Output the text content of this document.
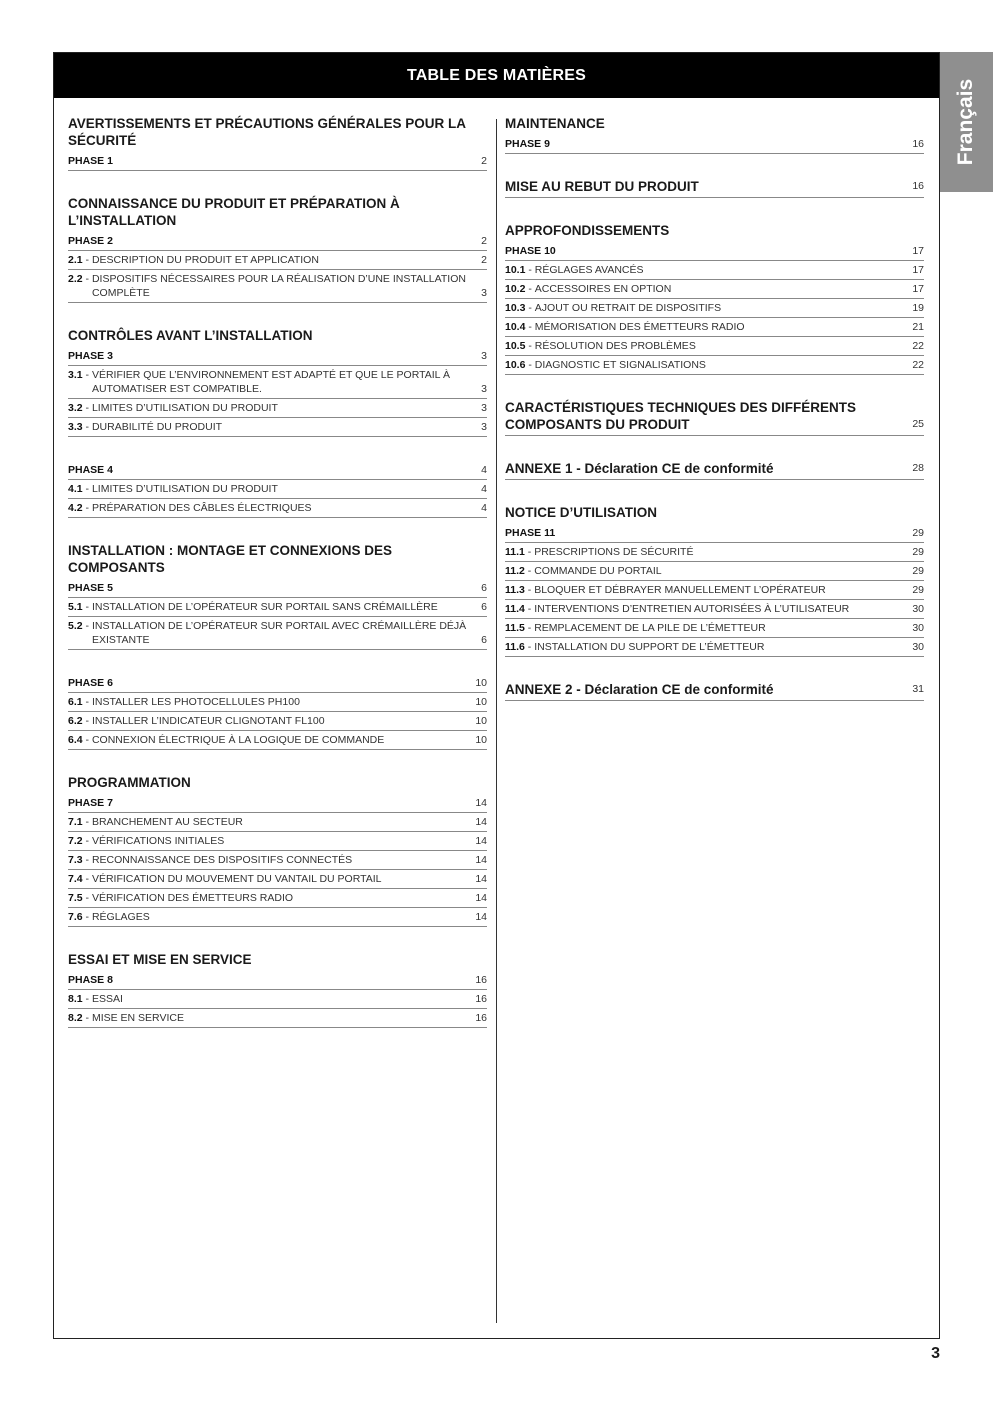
TABLE DES MATIÈRES
AVERTISSEMENTS ET PRÉCAUTIONS GÉNÉRALES POUR LA SÉCURITÉ
PHASE 1	2
CONNAISSANCE DU PRODUIT ET PRÉPARATION À L’INSTALLATION
PHASE 2	2
2.1 - DESCRIPTION DU PRODUIT ET APPLICATION	2
2.2 - DISPOSITIFS NÉCESSAIRES POUR LA RÉALISATION D’UNE INSTALLATION COMPLÈTE	3
CONTRÔLES AVANT L’INSTALLATION
PHASE 3	3
3.1 - VÉRIFIER QUE L’ENVIRONNEMENT EST ADAPTÉ ET QUE LE PORTAIL À AUTOMATISER EST COMPATIBLE.	3
3.2 - LIMITES D’UTILISATION DU PRODUIT	3
3.3 - DURABILITÉ DU PRODUIT	3
PHASE 4	4
4.1 - LIMITES D’UTILISATION DU PRODUIT	4
4.2 - PRÉPARATION DES CÂBLES ÉLECTRIQUES	4
INSTALLATION : MONTAGE ET CONNEXIONS DES COMPOSANTS
PHASE 5	6
5.1 - INSTALLATION DE L’OPÉRATEUR SUR PORTAIL SANS CRÉMAILLÈRE	6
5.2 - INSTALLATION DE L’OPÉRATEUR SUR PORTAIL AVEC CRÉMAILLÈRE DÉJÀ EXISTANTE	6
PHASE 6	10
6.1 - INSTALLER LES PHOTOCELLULES PH100	10
6.2 - INSTALLER L’INDICATEUR CLIGNOTANT FL100	10
6.4 - CONNEXION ÉLECTRIQUE À LA LOGIQUE DE COMMANDE	10
PROGRAMMATION
PHASE 7	14
7.1 - BRANCHEMENT AU SECTEUR	14
7.2 - VÉRIFICATIONS INITIALES	14
7.3 - RECONNAISSANCE DES DISPOSITIFS CONNECTÉS	14
7.4 - VÉRIFICATION DU MOUVEMENT DU VANTAIL DU PORTAIL	14
7.5 - VÉRIFICATION DES ÉMETTEURS RADIO	14
7.6 - RÉGLAGES	14
ESSAI ET MISE EN SERVICE
PHASE 8	16
8.1 - ESSAI	16
8.2 - MISE EN SERVICE	16
MAINTENANCE
PHASE 9	16
MISE AU REBUT DU PRODUIT	16
APPROFONDISSEMENTS
PHASE 10	17
10.1 - RÉGLAGES AVANCÉS	17
10.2 - ACCESSOIRES EN OPTION	17
10.3 - AJOUT OU RETRAIT DE DISPOSITIFS	19
10.4 - MÉMORISATION DES ÉMETTEURS RADIO	21
10.5 - RÉSOLUTION DES PROBLÈMES	22
10.6 - DIAGNOSTIC ET SIGNALISATIONS	22
CARACTÉRISTIQUES TECHNIQUES DES DIFFÉRENTS COMPOSANTS DU PRODUIT	25
ANNEXE 1 - Déclaration CE de conformité	28
NOTICE D’UTILISATION
PHASE 11	29
11.1 - PRESCRIPTIONS DE SÉCURITÉ	29
11.2 - COMMANDE DU PORTAIL	29
11.3 - BLOQUER ET DÉBRAYER MANUELLEMENT L’OPÉRATEUR	29
11.4 - INTERVENTIONS D’ENTRETIEN AUTORISÉES À L’UTILISATEUR	30
11.5 - REMPLACEMENT DE LA PILE DE L’ÉMETTEUR	30
11.6 - INSTALLATION DU SUPPORT DE L’ÉMETTEUR	30
ANNEXE 2 - Déclaration CE de conformité	31
Français
3
